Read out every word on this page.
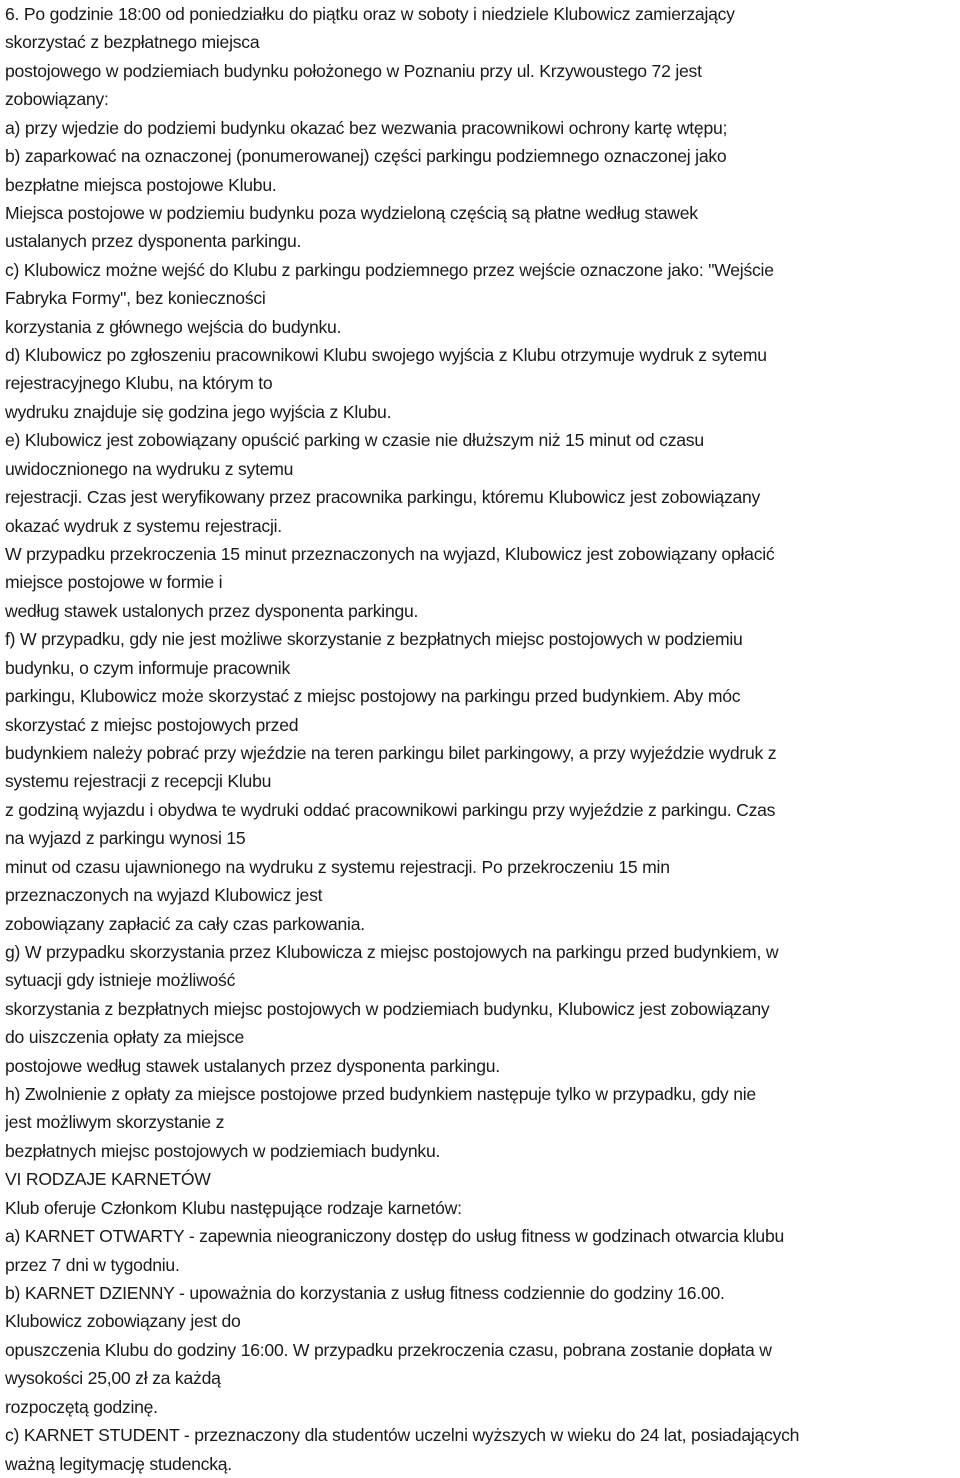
6. Po godzinie 18:00 od poniedziałku do piątku oraz w soboty i niedziele Klubowicz zamierzający
skorzystać z bezpłatnego miejsca
postojowego w podziemiach budynku położonego w Poznaniu przy ul. Krzywoustego 72 jest
zobowiązany:
a) przy wjedzie do podziemi budynku okazać bez wezwania pracownikowi ochrony kartę wtępu;
b) zaparkować na oznaczonej (ponumerowanej) części parkingu podziemnego oznaczonej jako
bezpłatne miejsca postojowe Klubu.
Miejsca postojowe w podziemiu budynku poza wydzieloną częścią są płatne według stawek
ustalanych przez dysponenta parkingu.
c) Klubowicz możne wejść do Klubu z parkingu podziemnego przez wejście oznaczone jako: "Wejście
Fabryka Formy", bez konieczności
korzystania z głównego wejścia do budynku.
d) Klubowicz po zgłoszeniu pracownikowi Klubu swojego wyjścia z Klubu otrzymuje wydruk z sytemu
rejestracyjnego Klubu, na którym to
wydruku znajduje się godzina jego wyjścia z Klubu.
e) Klubowicz jest zobowiązany opuścić parking w czasie nie dłuższym niż 15 minut od czasu
uwidocznionego na wydruku z sytemu
rejestracji. Czas jest weryfikowany przez pracownika parkingu, któremu Klubowicz jest zobowiązany
okazać wydruk z systemu rejestracji.
W przypadku przekroczenia 15 minut przeznaczonych na wyjazd, Klubowicz jest zobowiązany opłacić
miejsce postojowe w formie i
według stawek ustalonych przez dysponenta parkingu.
f) W przypadku, gdy nie jest możliwe skorzystanie z bezpłatnych miejsc postojowych w podziemiu
budynku, o czym informuje pracownik
parkingu, Klubowicz może skorzystać z miejsc postojowy na parkingu przed budynkiem. Aby móc
skorzystać z miejsc postojowych przed
budynkiem należy pobrać przy wjeździe na teren parkingu bilet parkingowy, a przy wyjeździe wydruk z
systemu rejestracji z recepcji Klubu
z godziną wyjazdu i obydwa te wydruki oddać pracownikowi parkingu przy wyjeździe z parkingu. Czas
na wyjazd z parkingu wynosi 15
minut od czasu ujawnionego na wydruku z systemu rejestracji. Po przekroczeniu 15 min
przeznaczonych na wyjazd Klubowicz jest
zobowiązany zapłacić za cały czas parkowania.
g) W przypadku skorzystania przez Klubowicza z miejsc postojowych na parkingu przed budynkiem, w
sytuacji gdy istnieje możliwość
skorzystania z bezpłatnych miejsc postojowych w podziemiach budynku, Klubowicz jest zobowiązany
do uiszczenia opłaty za miejsce
postojowe według stawek ustalanych przez dysponenta parkingu.
h) Zwolnienie z opłaty za miejsce postojowe przed budynkiem następuje tylko w przypadku, gdy nie
jest możliwym skorzystanie z
bezpłatnych miejsc postojowych w podziemiach budynku.
VI RODZAJE KARNETÓW
Klub oferuje Członkom Klubu następujące rodzaje karnetów:
a) KARNET OTWARTY - zapewnia nieograniczony dostęp do usług fitness w godzinach otwarcia klubu
przez 7 dni w tygodniu.
b) KARNET DZIENNY - upoważnia do korzystania z usług fitness codziennie do godziny 16.00.
Klubowicz zobowiązany jest do
opuszczenia Klubu do godziny 16:00. W przypadku przekroczenia czasu, pobrana zostanie dopłata w
wysokości 25,00 zł za każdą
rozpoczętą godzinę.
c) KARNET STUDENT - przeznaczony dla studentów uczelni wyższych w wieku do 24 lat, posiadających
ważną legitymację studencką.
